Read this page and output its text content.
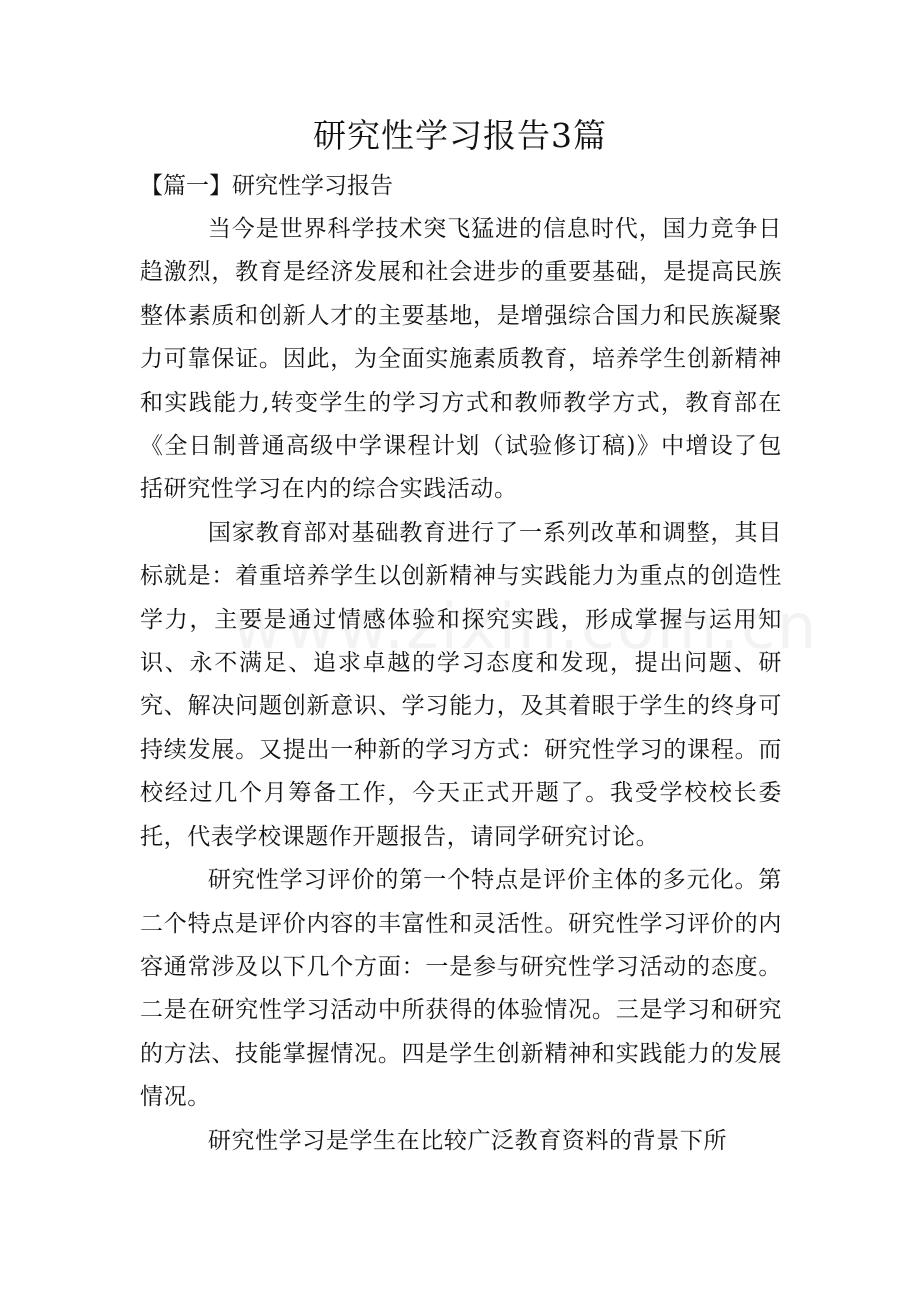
研究性学习报告3篇
【篇一】研究性学习报告

当今是世界科学技术突飞猛进的信息时代，国力竞争日趋激烈，教育是经济发展和社会进步的重要基础，是提高民族整体素质和创新人才的主要基地，是增强综合国力和民族凝聚力可靠保证。因此，为全面实施素质教育，培养学生创新精神和实践能力,转变学生的学习方式和教师教学方式，教育部在《全日制普通高级中学课程计划（试验修订稿)》中增设了包括研究性学习在内的综合实践活动。

国家教育部对基础教育进行了一系列改革和调整，其目标就是：着重培养学生以创新精神与实践能力为重点的创造性学力，主要是通过情感体验和探究实践，形成掌握与运用知识、永不满足、追求卓越的学习态度和发现，提出问题、研究、解决问题创新意识、学习能力，及其着眼于学生的终身可持续发展。又提出一种新的学习方式：研究性学习的课程。而校经过几个月筹备工作，今天正式开题了。我受学校校长委托，代表学校课题作开题报告，请同学研究讨论。

研究性学习评价的第一个特点是评价主体的多元化。第二个特点是评价内容的丰富性和灵活性。研究性学习评价的内容通常涉及以下几个方面：一是参与研究性学习活动的态度。二是在研究性学习活动中所获得的体验情况。三是学习和研究的方法、技能掌握情况。四是学生创新精神和实践能力的发展情况。

研究性学习是学生在比较广泛教育资料的背景下所
